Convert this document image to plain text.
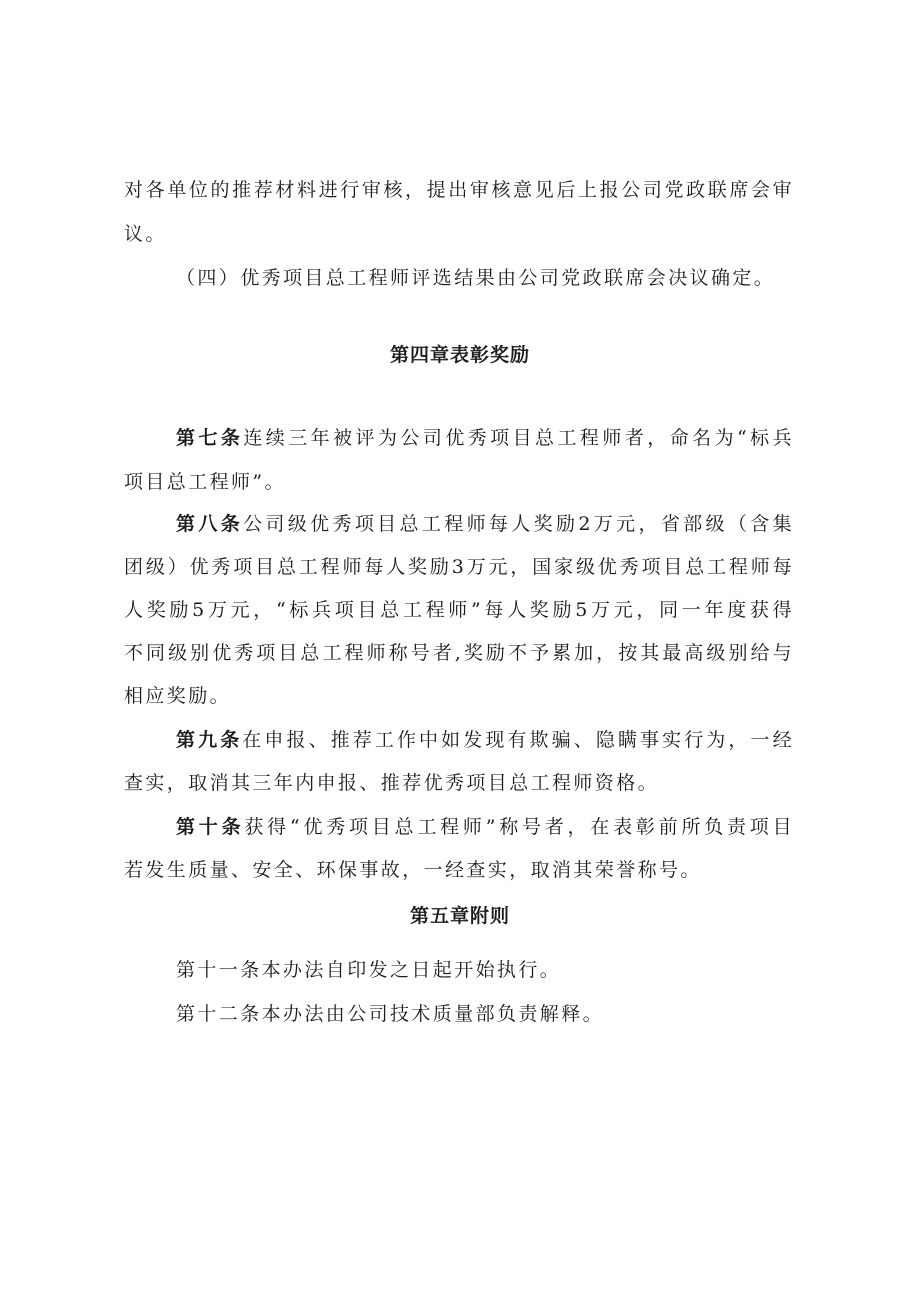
对各单位的推荐材料进行审核，提出审核意见后上报公司党政联席会审
议。
（四）优秀项目总工程师评选结果由公司党政联席会决议确定。
第四章表彰奖励
第七条连续三年被评为公司优秀项目总工程师者，命名为“标兵
项目总工程师”。
第八条公司级优秀项目总工程师每人奖励2万元，省部级（含集
团级）优秀项目总工程师每人奖励3万元，国家级优秀项目总工程师每
人奖励5万元，“标兵项目总工程师”每人奖励5万元，同一年度获得
不同级别优秀项目总工程师称号者,奖励不予累加，按其最高级别给与
相应奖励。
第九条在申报、推荐工作中如发现有欺骗、隐瞒事实行为，一经
查实，取消其三年内申报、推荐优秀项目总工程师资格。
第十条获得“优秀项目总工程师”称号者，在表彰前所负责项目
若发生质量、安全、环保事故，一经查实，取消其荣誉称号。
第五章附则
第十一条本办法自印发之日起开始执行。
第十二条本办法由公司技术质量部负责解释。
